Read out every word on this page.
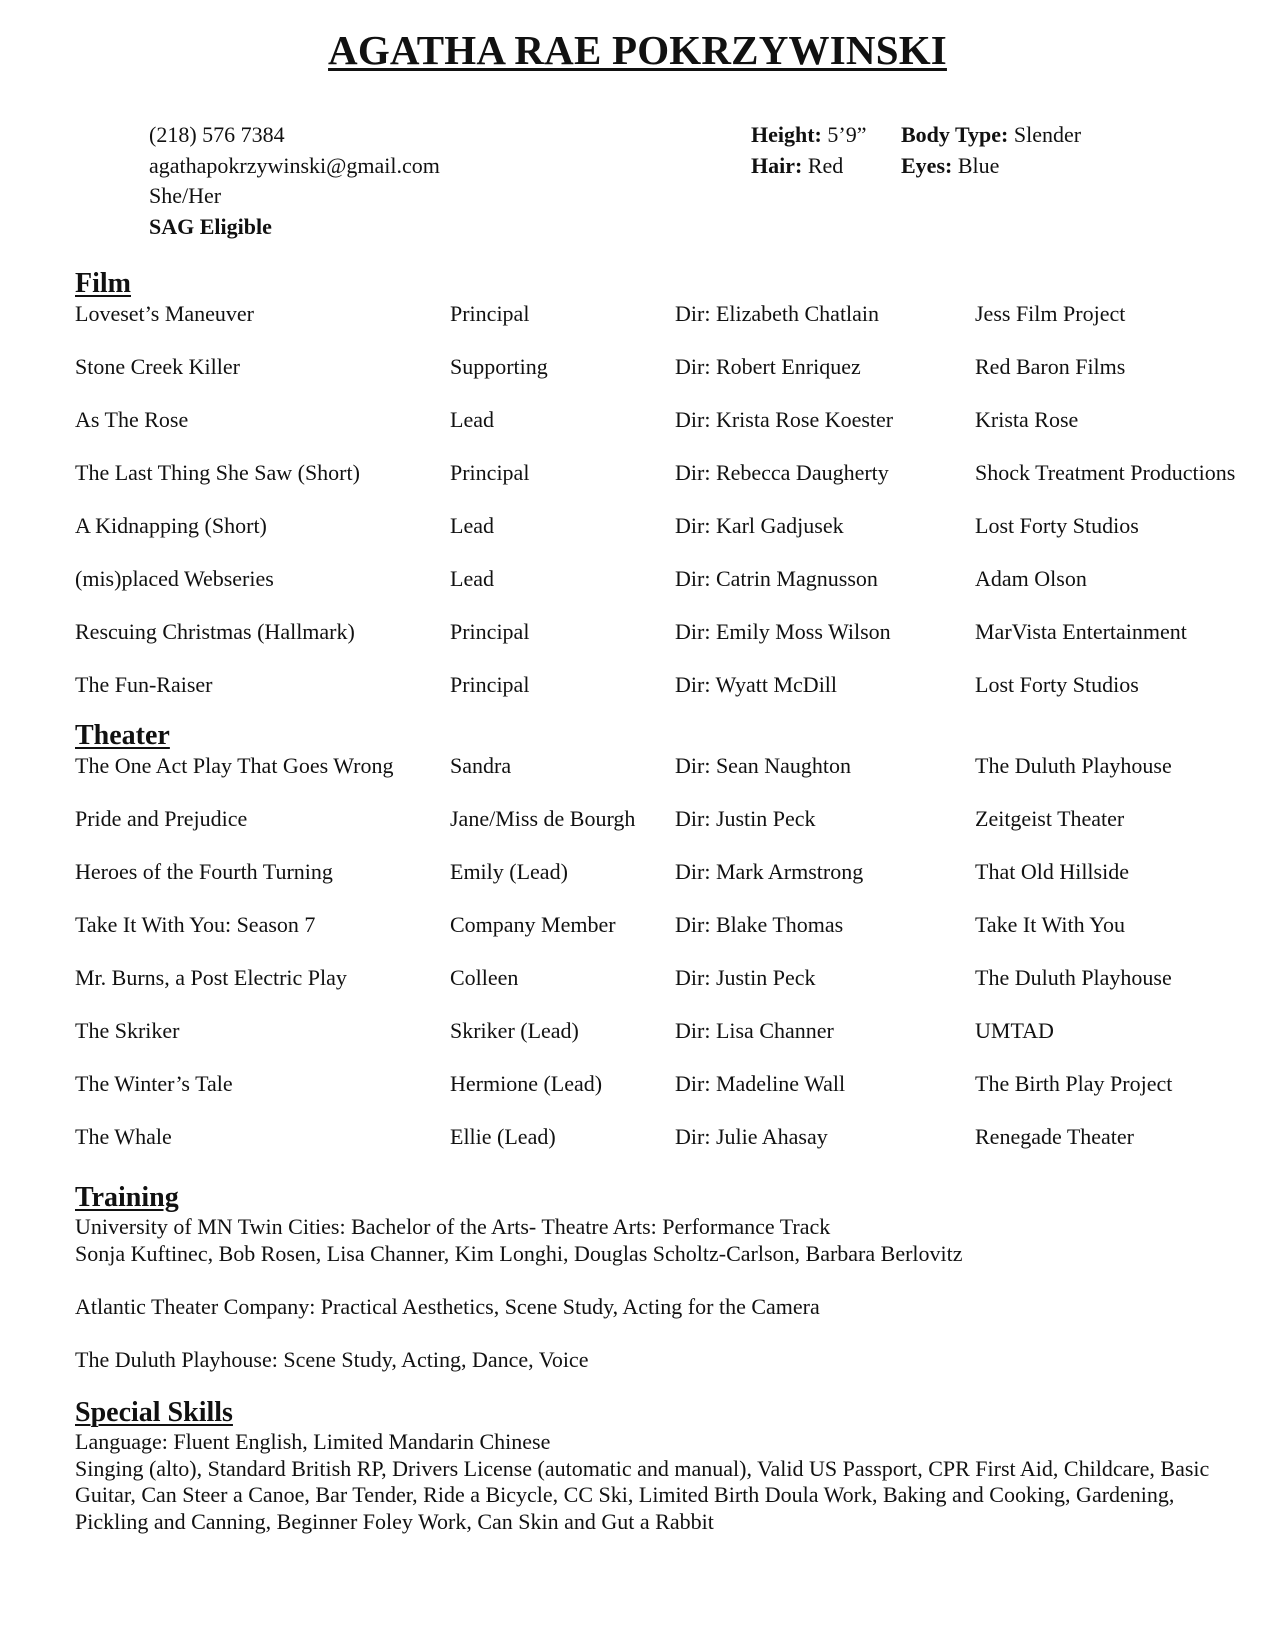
AGATHA RAE POKRZYWINSKI
(218) 576 7384
agathapokrzywinski@gmail.com
She/Her
SAG Eligible
Height: 5’9”
Hair: Red
Body Type: Slender
Eyes: Blue
Film
Loveset’s Maneuver	Principal	Dir: Elizabeth Chatlain	Jess Film Project
Stone Creek Killer	Supporting	Dir: Robert Enriquez	Red Baron Films
As The Rose	Lead	Dir: Krista Rose Koester	Krista Rose
The Last Thing She Saw (Short)	Principal	Dir: Rebecca Daugherty	Shock Treatment Productions
A Kidnapping (Short)	Lead	Dir: Karl Gadjusek	Lost Forty Studios
(mis)placed Webseries	Lead	Dir: Catrin Magnusson	Adam Olson
Rescuing Christmas (Hallmark)	Principal	Dir: Emily Moss Wilson	MarVista Entertainment
The Fun-Raiser	Principal	Dir: Wyatt McDill	Lost Forty Studios
Theater
The One Act Play That Goes Wrong	Sandra	Dir: Sean Naughton	The Duluth Playhouse
Pride and Prejudice	Jane/Miss de Bourgh Dir: Justin Peck	Zeitgeist Theater
Heroes of the Fourth Turning	Emily (Lead)	Dir: Mark Armstrong	That Old Hillside
Take It With You: Season 7	Company Member	Dir: Blake Thomas	Take It With You
Mr. Burns, a Post Electric Play	Colleen	Dir: Justin Peck	The Duluth Playhouse
The Skriker	Skriker (Lead)	Dir: Lisa Channer	UMTAD
The Winter’s Tale	Hermione (Lead)	Dir: Madeline Wall	The Birth Play Project
The Whale	Ellie (Lead)	Dir: Julie Ahasay	Renegade Theater
Training
University of MN Twin Cities: Bachelor of the Arts- Theatre Arts: Performance Track
Sonja Kuftinec, Bob Rosen, Lisa Channer, Kim Longhi, Douglas Scholtz-Carlson, Barbara Berlovitz
Atlantic Theater Company: Practical Aesthetics, Scene Study, Acting for the Camera
The Duluth Playhouse: Scene Study, Acting, Dance, Voice
Special Skills
Language: Fluent English, Limited Mandarin Chinese
Singing (alto), Standard British RP, Drivers License (automatic and manual), Valid US Passport, CPR First Aid, Childcare, Basic
Guitar, Can Steer a Canoe, Bar Tender, Ride a Bicycle, CC Ski, Limited Birth Doula Work, Baking and Cooking, Gardening,
Pickling and Canning, Beginner Foley Work, Can Skin and Gut a Rabbit
